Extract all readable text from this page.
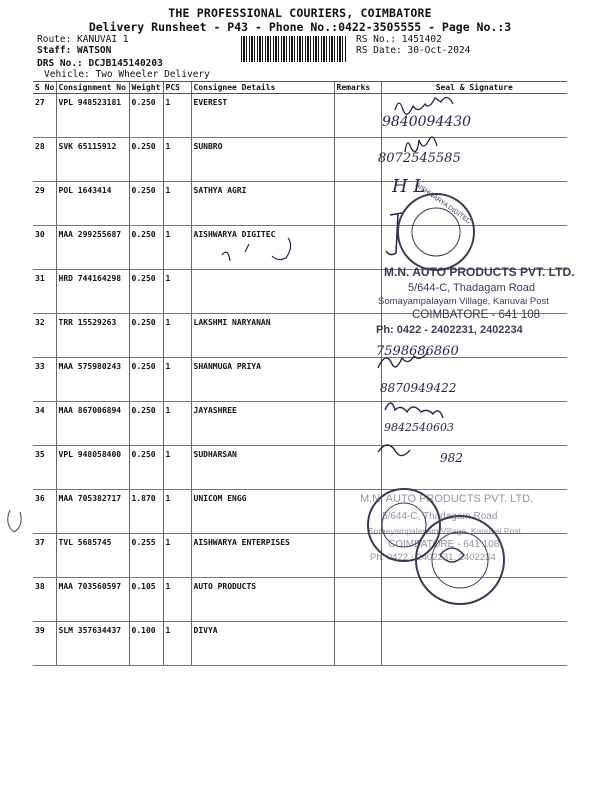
THE PROFESSIONAL COURIERS, COIMBATORE
Delivery Runsheet - P43 - Phone No.:0422-3505555 - Page No.:3
Route: KANUVAI 1
Staff: WATSON
DRS No.: DCJB145140203
Vehicle: Two Wheeler Delivery
RS No.: 1451402
RS Date: 30-Oct-2024
S No	Consignment No	Weight	PCS	Consignee Details	Remarks	Seal & Signature
27	VPL 948523181	0.250	1	EVEREST		
28	SVK 65115912	0.250	1	SUNBRO		
29	POL 1643414	0.250	1	SATHYA AGRI		
30	MAA 299255687	0.250	1	AISHWARYA DIGITEC		
31	HRD 744164298	0.250	1			
32	TRR 15529263	0.250	1	LAKSHMI NARYANAN		
33	MAA 575980243	0.250	1	SHANMUGA PRIYA		
34	MAA 867006894	0.250	1	JAYASHREE		
35	VPL 948058400	0.250	1	SUDHARSAN		
36	MAA 705382717	1.870	1	UNICOM ENGG		
37	TVL 5685745	0.255	1	AISHWARYA ENTERPISES		
38	MAA 703560597	0.105	1	AUTO PRODUCTS		
39	SLM 357634437	0.100	1	DIVYA		
M.N. AUTO PRODUCTS PVT. LTD.
5/644-C, Thadagam Road
Somayampalayam Village, Kanuvai Post
COIMBATORE - 641 108
Ph: 0422 - 2402231, 2402234
AISHWARYA DIGITEC
M.N. AUTO PRODUCTS PVT. LTD.
5/644-C, Thadagam Road
Somayampalayam Village, Kanuvai Post
COIMBATORE - 641 108
Ph: 0422 - 2402231, 2402234
9840094430
8072545585
H L
7598686860
8870949422
9842540603
982
